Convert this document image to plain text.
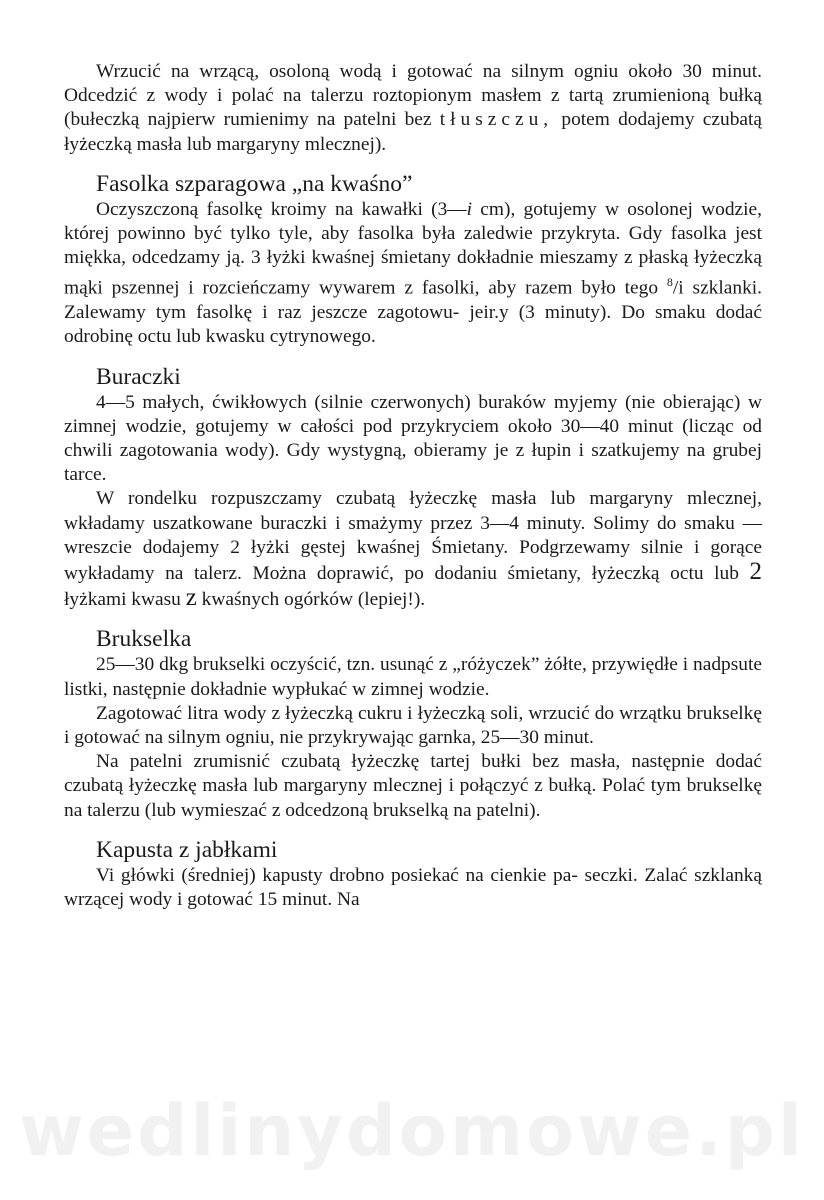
Wrzucić na wrzącą, osoloną wodą i gotować na silnym ogniu około 30 minut. Odcedzić z wody i polać na talerzu roztopionym masłem z tartą zrumienioną bułką (bułeczką najpierw rumienimy na patelni bez tłuszczu, potem dodajemy czubatą łyżeczką masła lub margaryny mlecznej).

Fasolka szparagowa „na kwaśno”

Oczyszczoną fasolkę kroimy na kawałki (3—i cm), gotujemy w osolonej wodzie, której powinno być tylko tyle, aby fasolka była zaledwie przykryta. Gdy fasolka jest miękka, odcedzamy ją. 3 łyżki kwaśnej śmietany dokładnie mieszamy z płaską łyżeczką mąki pszennej i rozcieńczamy wywarem z fasolki, aby razem było tego $^8$/i szklanki. Zalewamy tym fasolkę i raz jeszcze zagotowu- jeir.y (3 minuty). Do smaku dodać odrobinę octu lub kwasku cytrynowego.

Buraczki

4—5 małych, ćwikłowych (silnie czerwonych) buraków myjemy (nie obierając) w zimnej wodzie, gotujemy w całości pod przykryciem około 30—40 minut (licząc od chwili zagotowania wody). Gdy wystygną, obieramy je z łupin i szatkujemy na grubej tarce.

W rondelku rozpuszczamy czubatą łyżeczkę masła lub margaryny mlecznej, wkładamy uszatkowane buraczki i smażymy przez 3—4 minuty. Solimy do smaku — wreszcie dodajemy 2 łyżki gęstej kwaśnej Śmietany. Podgrzewamy silnie i gorące wykładamy na talerz. Można doprawić, po dodaniu śmietany, łyżeczką octu lub 2 łyżkami kwasu z kwaśnych ogórków (lepiej!).

Brukselka

25—30 dkg brukselki oczyścić, tzn. usunąć z „różyczek” żółte, przywiędłe i nadpsute listki, następnie dokładnie wypłukać w zimnej wodzie.

Zagotować litra wody z łyżeczką cukru i łyżeczką soli, wrzucić do wrzątku brukselkę i gotować na silnym ogniu, nie przykrywając garnka, 25—30 minut.

Na patelni zrumisnić czubatą łyżeczkę tartej bułki bez masła, następnie dodać czubatą łyżeczkę masła lub margaryny mlecznej i połączyć z bułką. Polać tym brukselkę na talerzu (lub wymieszać z odcedzoną brukselką na patelni).

Kapusta z jabłkami

Vi główki (średniej) kapusty drobno posiekać na cienkie pa- seczki. Zalać szklanką wrzącej wody i gotować 15 minut. Na

wedlinydomowe.pl
